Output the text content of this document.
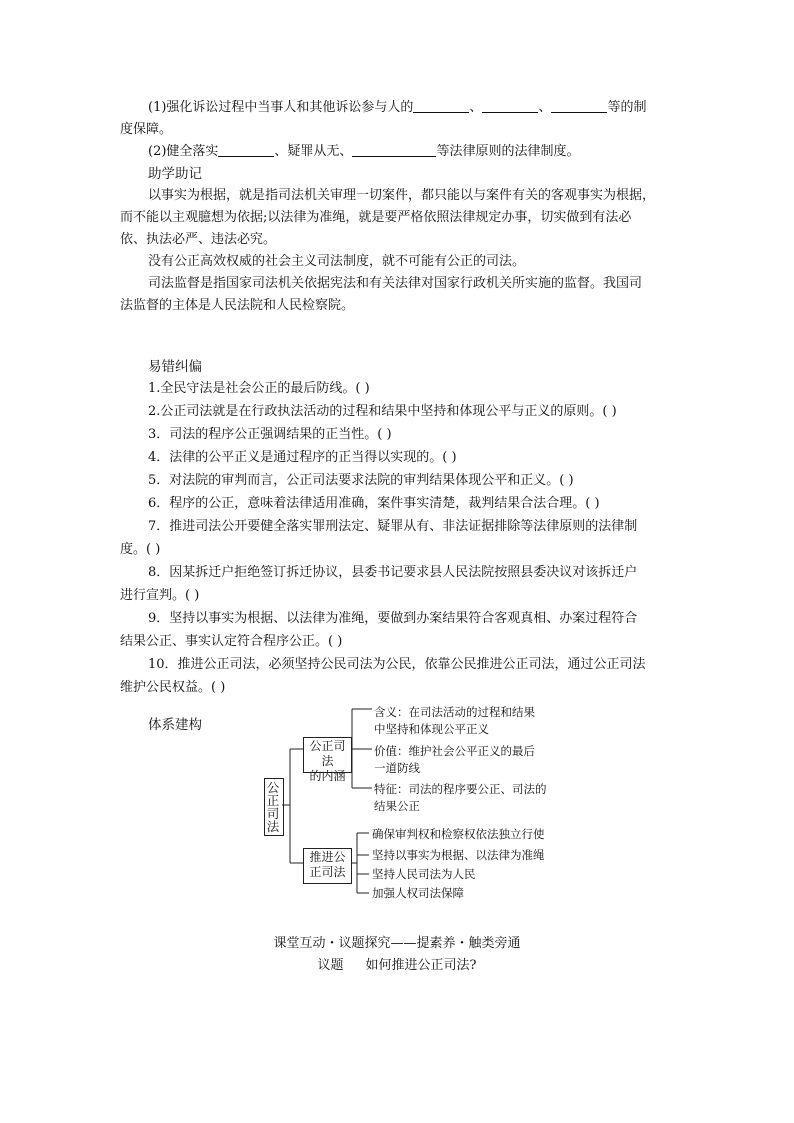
(1)强化诉讼过程中当事人和其他诉讼参与人的	、	、	等的制
度保障。
(2)健全落实	、疑罪从无、	等法律原则的法律制度。
助学助记
以事实为根据，就是指司法机关审理一切案件，都只能以与案件有关的客观事实为根据，
而不能以主观臆想为依据;以法律为准绳，就是要严格依照法律规定办事，切实做到有法必
依、执法必严、违法必究。
没有公正高效权威的社会主义司法制度，就不可能有公正的司法。
司法监督是指国家司法机关依据宪法和有关法律对国家行政机关所实施的监督。我国司
法监督的主体是人民法院和人民检察院。
易错纠偏
1.全民守法是社会公正的最后防线。( )
2.公正司法就是在行政执法活动的过程和结果中坚持和体现公平与正义的原则。( )
3．司法的程序公正强调结果的正当性。( )
4．法律的公平正义是通过程序的正当得以实现的。( )
5．对法院的审判而言，公正司法要求法院的审判结果体现公平和正义。( )
6．程序的公正，意味着法律适用准确，案件事实清楚，裁判结果合法合理。( )
7．推进司法公开要健全落实罪刑法定、疑罪从有、非法证据排除等法律原则的法律制
度。( )
8．因某拆迁户拒绝签订拆迁协议，县委书记要求县人民法院按照县委决议对该拆迁户
进行宣判。( )
9．坚持以事实为根据、以法律为准绳，要做到办案结果符合客观真相、办案过程符合
结果公正、事实认定符合程序公正。( )
10．推进公正司法，必须坚持公民司法为公民，依靠公民推进公正司法，通过公正司法
维护公民权益。( )
体系建构
公正司法
公正司法
的内涵
推进公
正司法
含义：在司法活动的过程和结果
中坚持和体现公平正义
价值：维护社会公平正义的最后
一道防线
特征：司法的程序要公正、司法的
结果公正
确保审判权和检察权依法独立行使
坚持以事实为根据、以法律为准绳
坚持人民司法为人民
加强人权司法保障
课堂互动・议题探究——提素养・触类旁通
议题 如何推进公正司法?
